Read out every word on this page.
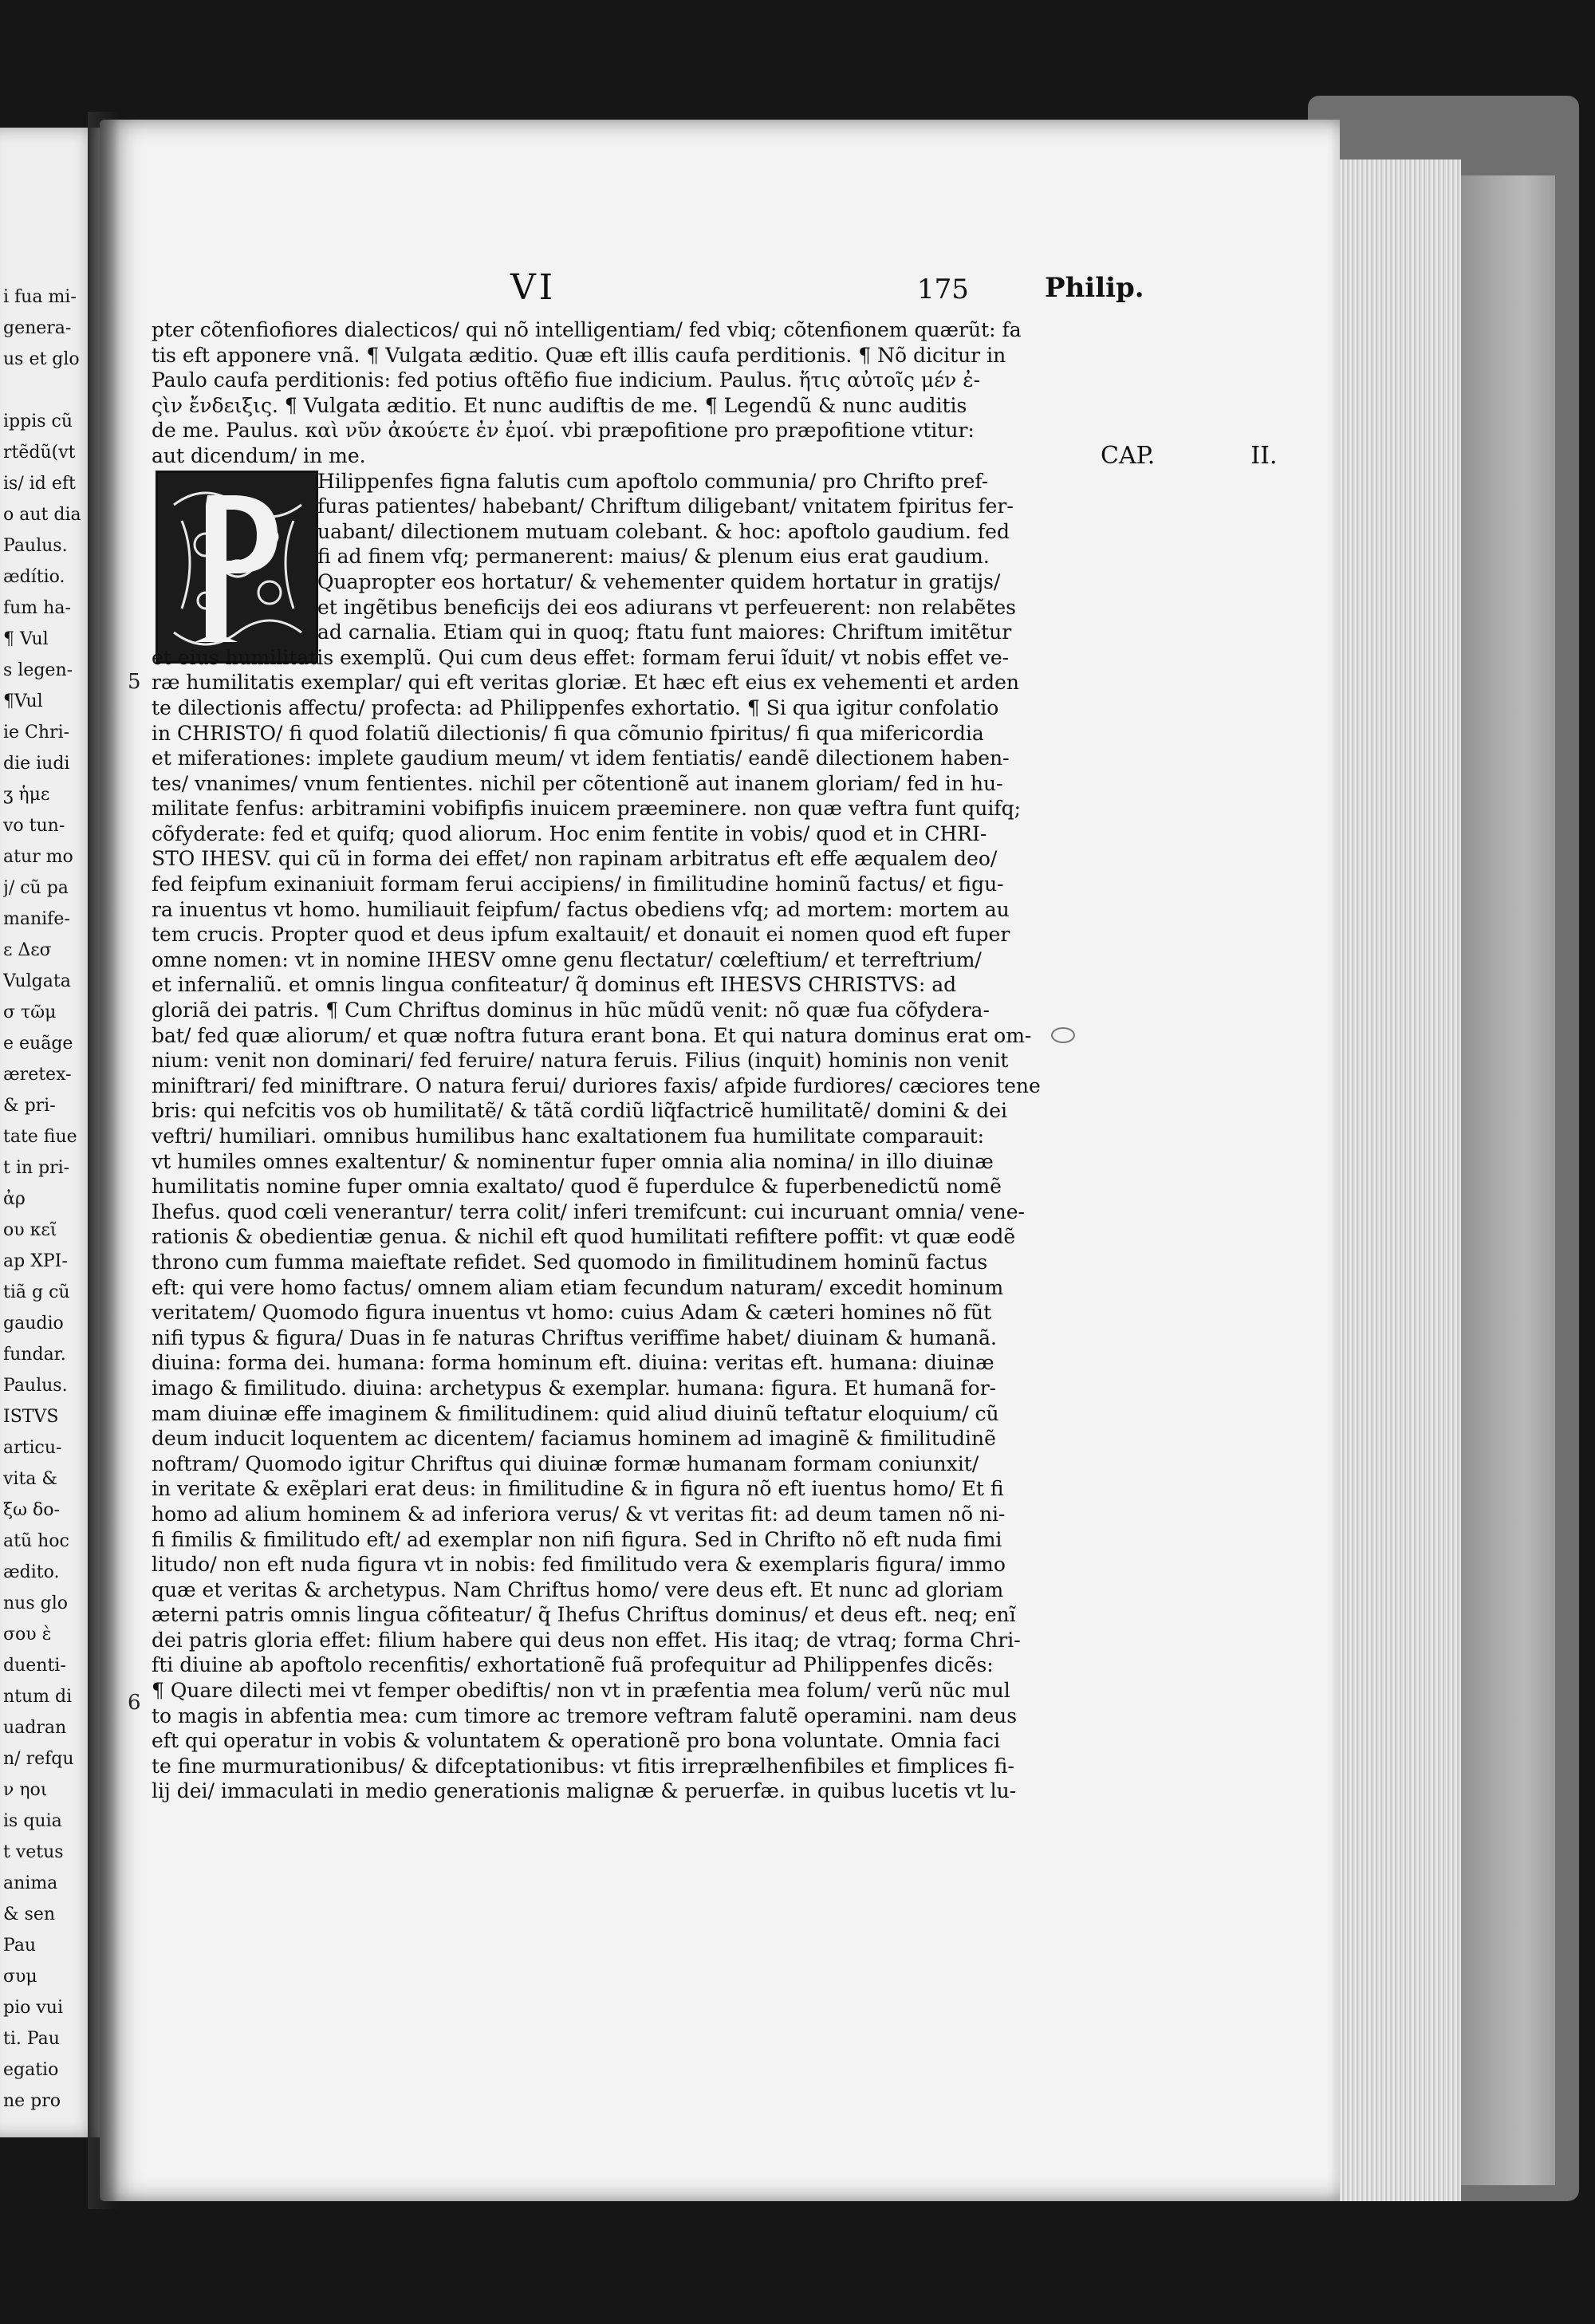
i fua mi-
genera-
us et glo
ippis cũ
rtẽdũ(vt
is/ id eft
o aut dia
Paulus.
ædítio.
fum ha-
¶ Vul
s legen-
¶Vul
ie Chri-
die iudi
ʒ ἡμε
vo tun-
atur mo
j/ cũ pa
manife-
ε Δεσ
Vulgata
σ τῶμ
e euãge
æretex-
& pri-
tate fiue
t in pri-
ἀρ
ου κεῖ
ap XPI-
tiã g cũ
gaudio
fundar.
Paulus.
ISTVS
articu-
vita &
ξω δο-
atũ hoc
ædito.
nus glo
σου ὲ
duenti-
ntum di
uadran
n/ refqu
ν ηοι
is quia
t vetus
anima
& sen
Pau
συμ
pio vui
ti. Pau
egatio
ne pro
VI	175	Philip.
pter cõtenfiofiores dialecticos/ qui nõ intelligentiam/ fed vbiq; cõtenfionem quærũt: fa
tis eft apponere vnã. ¶ Vulgata æditio. Quæ eft illis caufa perditionis. ¶ Nõ dicitur in
Paulo caufa perditionis: fed potius oftẽfio fiue indicium. Paulus. ἥτις αὐτοῖς μέν ἐ-
ςὶν ἔνδειξις. ¶ Vulgata æditio. Et nunc audiftis de me. ¶ Legendũ & nunc auditis
de me. Paulus. καὶ νῦν ἀκούετε ἐν ἐμοί. vbi præpofitione pro præpofitione vtitur:
aut dicendum/ in me.	CAP.	II.
Hilippenfes figna falutis cum apoftolo communia/ pro Chrifto pref-
furas patientes/ habebant/ Chriftum diligebant/ vnitatem fpiritus fer-
uabant/ dilectionem mutuam colebant. & hoc: apoftolo gaudium. fed
fi ad finem vfq; permanerent: maius/ & plenum eius erat gaudium.
Quapropter eos hortatur/ & vehementer quidem hortatur in gratijs/
et ingẽtibus beneficijs dei eos adiurans vt perfeuerent: non relabẽtes
ad carnalia. Etiam qui in quoq; ftatu funt maiores: Chriftum imitẽtur
et eius humilitatis exemplũ. Qui cum deus effet: formam ferui ĩduit/ vt nobis effet ve-
ræ humilitatis exemplar/ qui eft veritas gloriæ. Et hæc eft eius ex vehementi et arden
te dilectionis affectu/ profecta: ad Philippenfes exhortatio. ¶ Si qua igitur confolatio
in CHRISTO/ fi quod folatiũ dilectionis/ fi qua cõmunio fpiritus/ fi qua mifericordia
et miferationes: implete gaudium meum/ vt idem fentiatis/ eandẽ dilectionem haben-
tes/ vnanimes/ vnum fentientes. nichil per cõtentionẽ aut inanem gloriam/ fed in hu-
militate fenfus: arbitramini vobifipfis inuicem præeminere. non quæ veftra funt quifq;
cõfyderate: fed et quifq; quod aliorum. Hoc enim fentite in vobis/ quod et in CHRI-
STO IHESV. qui cũ in forma dei effet/ non rapinam arbitratus eft effe æqualem deo/
fed feipfum exinaniuit formam ferui accipiens/ in fimilitudine hominũ factus/ et figu-
ra inuentus vt homo. humiliauit feipfum/ factus obediens vfq; ad mortem: mortem au
tem crucis. Propter quod et deus ipfum exaltauit/ et donauit ei nomen quod eft fuper
omne nomen: vt in nomine IHESV omne genu flectatur/ cœleftium/ et terreftrium/
et infernaliũ. et omnis lingua confiteatur/ q̃ dominus eft IHESVS CHRISTVS: ad
gloriã dei patris. ¶ Cum Chriftus dominus in hũc mũdũ venit: nõ quæ fua cõfydera-
bat/ fed quæ aliorum/ et quæ noftra futura erant bona. Et qui natura dominus erat om-
nium: venit non dominari/ fed feruire/ natura feruis. Filius (inquit) hominis non venit
miniftrari/ fed miniftrare. O natura ferui/ duriores faxis/ afpide furdiores/ cæciores tene
bris: qui nefcitis vos ob humilitatẽ/ & tãtã cordiũ liq̃factricẽ humilitatẽ/ domini & dei
veftri/ humiliari. omnibus humilibus hanc exaltationem fua humilitate comparauit:
vt humiles omnes exaltentur/ & nominentur fuper omnia alia nomina/ in illo diuinæ
humilitatis nomine fuper omnia exaltato/ quod ẽ fuperdulce & fuperbenedictũ nomẽ
Ihefus. quod cœli venerantur/ terra colit/ inferi tremifcunt: cui incuruant omnia/ vene-
rationis & obedientiæ genua. & nichil eft quod humilitati refiftere poffit: vt quæ eodẽ
throno cum fumma maieftate refidet. Sed quomodo in fimilitudinem hominũ factus
eft: qui vere homo factus/ omnem aliam etiam fecundum naturam/ excedit hominum
veritatem/ Quomodo figura inuentus vt homo: cuius Adam & cæteri homines nõ fũt
nifi typus & figura/ Duas in fe naturas Chriftus veriffime habet/ diuinam & humanã.
diuina: forma dei. humana: forma hominum eft. diuina: veritas eft. humana: diuinæ
imago & fimilitudo. diuina: archetypus & exemplar. humana: figura. Et humanã for-
mam diuinæ effe imaginem & fimilitudinem: quid aliud diuinũ teftatur eloquium/ cũ
deum inducit loquentem ac dicentem/ faciamus hominem ad imaginẽ & fimilitudinẽ
noftram/ Quomodo igitur Chriftus qui diuinæ formæ humanam formam coniunxit/
in veritate & exẽplari erat deus: in fimilitudine & in figura nõ eft iuentus homo/ Et fi
homo ad alium hominem & ad inferiora verus/ & vt veritas fit: ad deum tamen nõ ni-
fi fimilis & fimilitudo eft/ ad exemplar non nifi figura. Sed in Chrifto nõ eft nuda fimi
litudo/ non eft nuda figura vt in nobis: fed fimilitudo vera & exemplaris figura/ immo
quæ et veritas & archetypus. Nam Chriftus homo/ vere deus eft. Et nunc ad gloriam
æterni patris omnis lingua cõfiteatur/ q̃ Ihefus Chriftus dominus/ et deus eft. neq; enĩ
dei patris gloria effet: filium habere qui deus non effet. His itaq; de vtraq; forma Chri-
fti diuine ab apoftolo recenfitis/ exhortationẽ fuã profequitur ad Philippenfes dicẽs:
¶ Quare dilecti mei vt femper obediftis/ non vt in præfentia mea folum/ verũ nũc mul
to magis in abfentia mea: cum timore ac tremore veftram falutẽ operamini. nam deus
eft qui operatur in vobis & voluntatem & operationẽ pro bona voluntate. Omnia faci
te fine murmurationibus/ & difceptationibus: vt fitis irreprælhenfibiles et fimplices fi-
lij dei/ immaculati in medio generationis malignæ & peruerfæ. in quibus lucetis vt lu-
5
6
